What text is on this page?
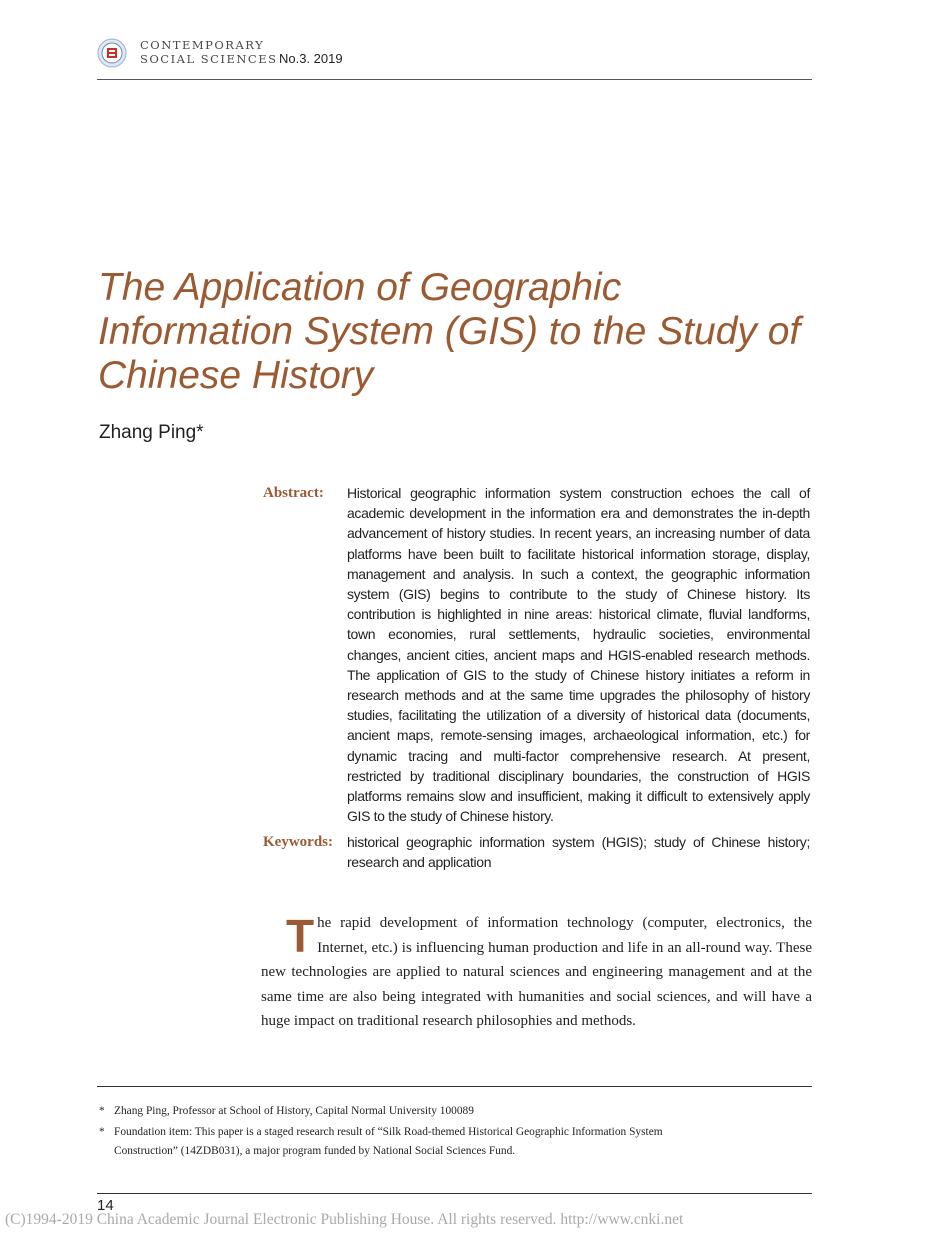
CONTEMPORARY
SOCIAL SCIENCES No.3. 2019
The Application of Geographic Information System (GIS) to the Study of Chinese History
Zhang Ping*
Abstract: Historical geographic information system construction echoes the call of academic development in the information era and demonstrates the in-depth advancement of history studies. In recent years, an increasing number of data platforms have been built to facilitate historical information storage, display, management and analysis. In such a context, the geographic information system (GIS) begins to contribute to the study of Chinese history. Its contribution is highlighted in nine areas: historical climate, fluvial landforms, town economies, rural settlements, hydraulic societies, environmental changes, ancient cities, ancient maps and HGIS-enabled research methods. The application of GIS to the study of Chinese history initiates a reform in research methods and at the same time upgrades the philosophy of history studies, facilitating the utilization of a diversity of historical data (documents, ancient maps, remote-sensing images, archaeological information, etc.) for dynamic tracing and multi-factor comprehensive research. At present, restricted by traditional disciplinary boundaries, the construction of HGIS platforms remains slow and insufficient, making it difficult to extensively apply GIS to the study of Chinese history.
Keywords: historical geographic information system (HGIS); study of Chinese history; research and application
The rapid development of information technology (computer, electronics, the Internet, etc.) is influencing human production and life in an all-round way. These new technologies are applied to natural sciences and engineering management and at the same time are also being integrated with humanities and social sciences, and will have a huge impact on traditional research philosophies and methods.
* Zhang Ping, Professor at School of History, Capital Normal University 100089
* Foundation item: This paper is a staged research result of “Silk Road-themed Historical Geographic Information System
Construction” (14ZDB031), a major program funded by National Social Sciences Fund.
14
(C)1994-2019 China Academic Journal Electronic Publishing House. All rights reserved. http://www.cnki.net
